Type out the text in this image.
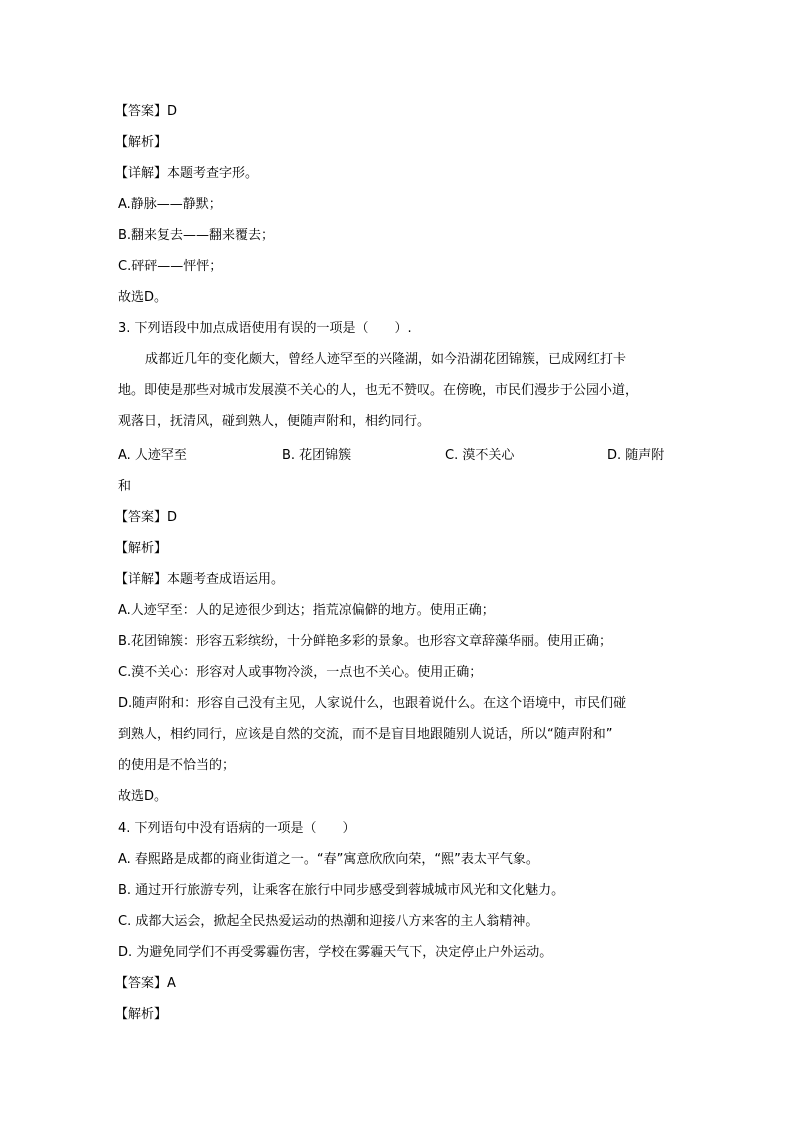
【答案】D
【解析】
【详解】本题考查字形。
A.静脉——静默；
B.翻来复去——翻来覆去；
C.砰砰——怦怦；
故选D。
3. 下列语段中加点成语使用有误的一项是（　　）.
成都近几年的变化颇大，曾经人迹罕至的兴隆湖，如今沿湖花团锦簇，已成网红打卡
地。即使是那些对城市发展漠不关心的人，也无不赞叹。在傍晚，市民们漫步于公园小道，
观落日，抚清风，碰到熟人，便随声附和，相约同行。
A. 人迹罕至	B. 花团锦簇	C. 漠不关心	D. 随声附
和
【答案】D
【解析】
【详解】本题考查成语运用。
A.人迹罕至：人的足迹很少到达；指荒凉偏僻的地方。使用正确；
B.花团锦簇：形容五彩缤纷，十分鲜艳多彩的景象。也形容文章辞藻华丽。使用正确；
C.漠不关心：形容对人或事物冷淡，一点也不关心。使用正确；
D.随声附和：形容自己没有主见，人家说什么，也跟着说什么。在这个语境中，市民们碰
到熟人，相约同行，应该是自然的交流，而不是盲目地跟随别人说话，所以“随声附和”
的使用是不恰当的；
故选D。
4. 下列语句中没有语病的一项是（　　）
A. 春熙路是成都的商业街道之一。“春”寓意欣欣向荣，“熙”表太平气象。
B. 通过开行旅游专列，让乘客在旅行中同步感受到蓉城城市风光和文化魅力。
C. 成都大运会，掀起全民热爱运动的热潮和迎接八方来客的主人翁精神。
D. 为避免同学们不再受雾霾伤害，学校在雾霾天气下，决定停止户外运动。
【答案】A
【解析】
